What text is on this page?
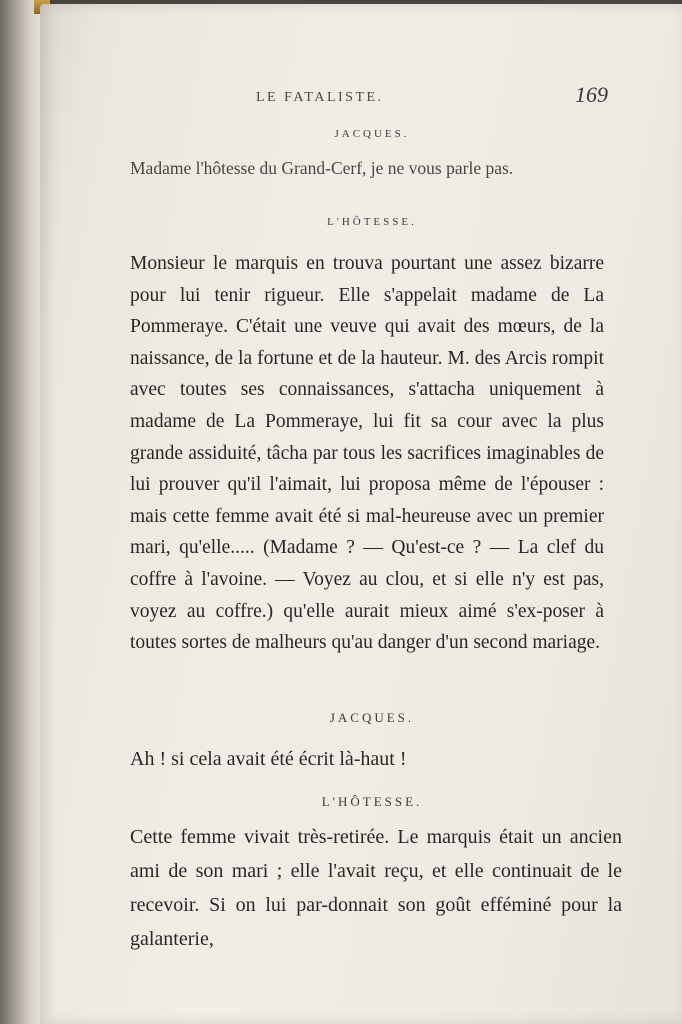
LE FATALISTE.	169
JACQUES.

Madame l'hôtesse du Grand-Cerf, je ne vous parle pas.

L'HÔTESSE.

Monsieur le marquis en trouva pourtant une assez bizarre pour lui tenir rigueur. Elle s'appelait madame de La Pommeraye. C'était une veuve qui avait des mœurs, de la naissance, de la fortune et de la hauteur. M. des Arcis rompit avec toutes ses connaissances, s'attacha uniquement à madame de La Pommeraye, lui fit sa cour avec la plus grande assiduité, tâcha par tous les sacrifices imaginables de lui prouver qu'il l'aimait, lui proposa même de l'épouser : mais cette femme avait été si mal-heureuse avec un premier mari, qu'elle..... (Madame ? — Qu'est-ce ? — La clef du coffre à l'avoine. — Voyez au clou, et si elle n'y est pas, voyez au coffre.) qu'elle aurait mieux aimé s'ex-poser à toutes sortes de malheurs qu'au danger d'un second mariage.

JACQUES.

Ah ! si cela avait été écrit là-haut !

L'HÔTESSE.

Cette femme vivait très-retirée. Le marquis était un ancien ami de son mari ; elle l'avait reçu, et elle continuait de le recevoir. Si on lui par-donnait son goût efféminé pour la galanterie,
